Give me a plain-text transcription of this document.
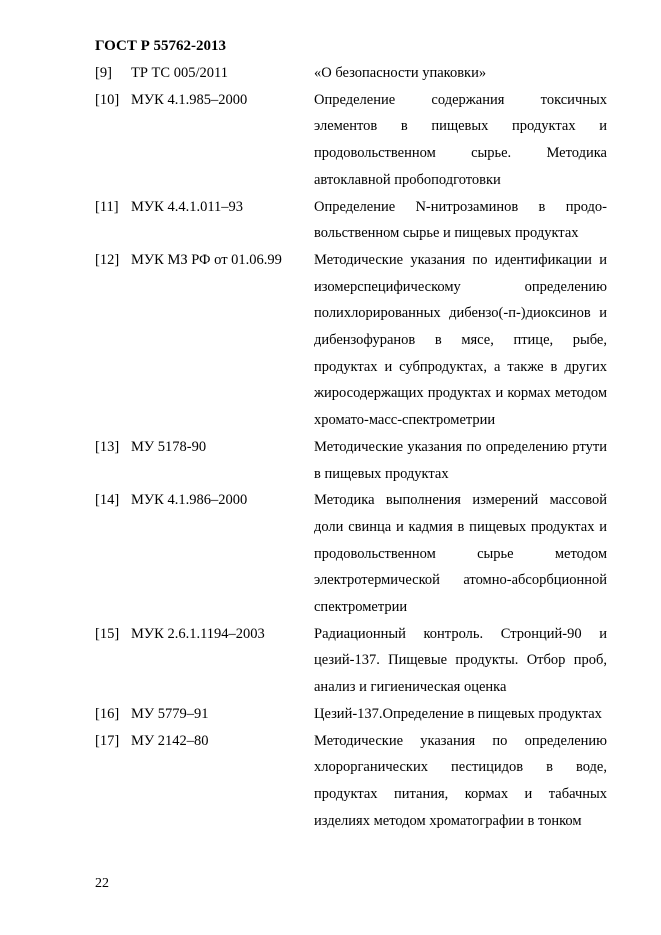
ГОСТ Р 55762-2013
[9]	ТР ТС 005/2011	«О безопасности упаковки»
[10] МУК 4.1.985–2000	Определение содержания токсичных элементов в пищевых продуктах и продовольственном сырье. Методика автоклавной пробоподготовки
[11] МУК 4.4.1.011–93	Определение N-нитрозаминов в продо-вольственном сырье и пищевых продуктах
[12] МУК МЗ РФ от 01.06.99	Методические указания по идентификации и изомерспецифическому определению полихлорированных дибензо(-п-)диоксинов и дибензофуранов в мясе, птице, рыбе, продуктах и субпродуктах, а также в других жиросодержащих продуктах и кормах методом хромато-масс-спектрометрии
[13] МУ 5178-90	Методические указания по определению ртути в пищевых продуктах
[14] МУК 4.1.986–2000	Методика выполнения измерений массовой доли свинца и кадмия в пищевых продуктах и продовольственном сырье методом электротермической атомно-абсорбционной спектрометрии
[15] МУК 2.6.1.1194–2003	Радиационный контроль. Стронций-90 и цезий-137. Пищевые продукты. Отбор проб, анализ и гигиеническая оценка
[16] МУ 5779–91	Цезий-137.Определение в пищевых продуктах
[17] МУ 2142–80	Методические указания по определению хлорорганических пестицидов в воде, продуктах питания, кормах и табачных изделиях методом хроматографии в тонком
22
